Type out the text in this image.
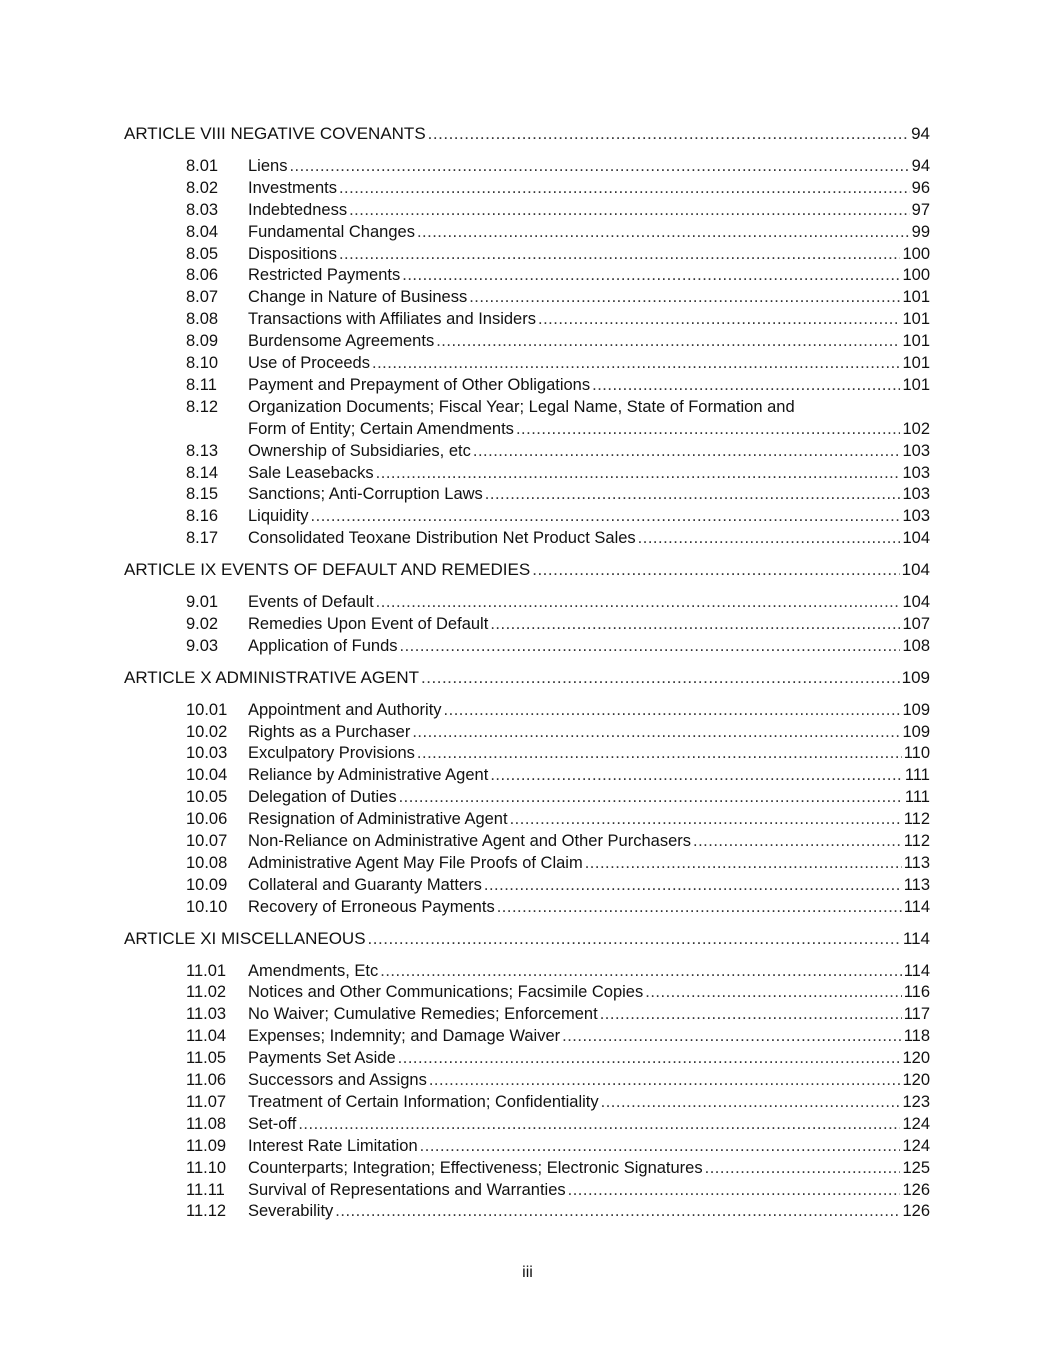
ARTICLE VIII NEGATIVE COVENANTS .....	94
8.01	Liens .....	94
8.02	Investments .....	96
8.03	Indebtedness .....	97
8.04	Fundamental Changes .....	99
8.05	Dispositions .....	100
8.06	Restricted Payments .....	100
8.07	Change in Nature of Business .....	101
8.08	Transactions with Affiliates and Insiders .....	101
8.09	Burdensome Agreements .....	101
8.10	Use of Proceeds .....	101
8.11	Payment and Prepayment of Other Obligations .....	101
8.12	Organization Documents; Fiscal Year; Legal Name, State of Formation and
Form of Entity; Certain Amendments .....	102
8.13	Ownership of Subsidiaries, etc .....	103
8.14	Sale Leasebacks .....	103
8.15	Sanctions; Anti-Corruption Laws .....	103
8.16	Liquidity .....	103
8.17	Consolidated Teoxane Distribution Net Product Sales .....	104
ARTICLE IX EVENTS OF DEFAULT AND REMEDIES .....	104
9.01	Events of Default .....	104
9.02	Remedies Upon Event of Default .....	107
9.03	Application of Funds .....	108
ARTICLE X ADMINISTRATIVE AGENT .....	109
10.01	Appointment and Authority .....	109
10.02	Rights as a Purchaser .....	109
10.03	Exculpatory Provisions .....	110
10.04	Reliance by Administrative Agent .....	111
10.05	Delegation of Duties .....	111
10.06	Resignation of Administrative Agent .....	112
10.07	Non-Reliance on Administrative Agent and Other Purchasers .....	112
10.08	Administrative Agent May File Proofs of Claim .....	113
10.09	Collateral and Guaranty Matters .....	113
10.10	Recovery of Erroneous Payments .....	114
ARTICLE XI MISCELLANEOUS .....	114
11.01	Amendments, Etc .....	114
11.02	Notices and Other Communications; Facsimile Copies .....	116
11.03	No Waiver; Cumulative Remedies; Enforcement .....	117
11.04	Expenses; Indemnity; and Damage Waiver .....	118
11.05	Payments Set Aside .....	120
11.06	Successors and Assigns .....	120
11.07	Treatment of Certain Information; Confidentiality .....	123
11.08	Set-off .....	124
11.09	Interest Rate Limitation .....	124
11.10	Counterparts; Integration; Effectiveness; Electronic Signatures .....	125
11.11	Survival of Representations and Warranties .....	126
11.12	Severability .....	126
iii
